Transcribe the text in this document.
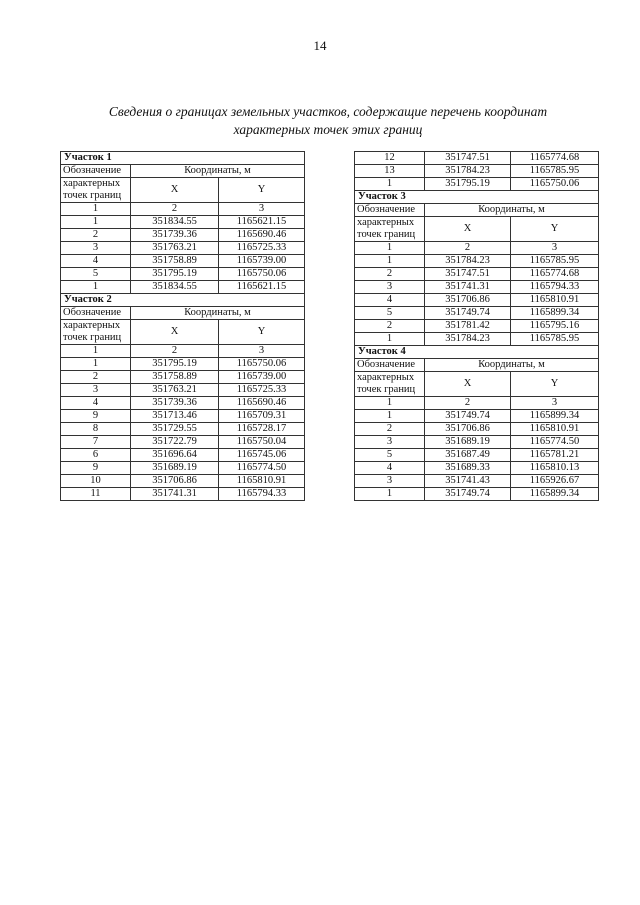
14
Сведения о границах земельных участков, содержащие перечень координат
характерных точек этих границ
Участок 1		
Обозначение	Координаты, м	

характерных
точек границ	X	Y
1	2	3
1	351834.55	1165621.15
2	351739.36	1165690.46
3	351763.21	1165725.33
4	351758.89	1165739.00
5	351795.19	1165750.06
1	351834.55	1165621.15
Участок 2		
Обозначение	Координаты, м	

характерных
точек границ	X	Y
1	2	3
1	351795.19	1165750.06
2	351758.89	1165739.00
3	351763.21	1165725.33
4	351739.36	1165690.46
9	351713.46	1165709.31
8	351729.55	1165728.17
7	351722.79	1165750.04
6	351696.64	1165745.06
9	351689.19	1165774.50
10	351706.86	1165810.91
11	351741.31	1165794.33
12	351747.51	1165774.68
13	351784.23	1165785.95
1	351795.19	1165750.06
Участок 3		
Обозначение	Координаты, м	

характерных
точек границ	X	Y
1	2	3
1	351784.23	1165785.95
2	351747.51	1165774.68
3	351741.31	1165794.33
4	351706.86	1165810.91
5	351749.74	1165899.34
2	351781.42	1165795.16
1	351784.23	1165785.95
Участок 4		
Обозначение	Координаты, м	

характерных
точек границ	X	Y
1	2	3
1	351749.74	1165899.34
2	351706.86	1165810.91
3	351689.19	1165774.50
5	351687.49	1165781.21
4	351689.33	1165810.13
3	351741.43	1165926.67
1	351749.74	1165899.34
